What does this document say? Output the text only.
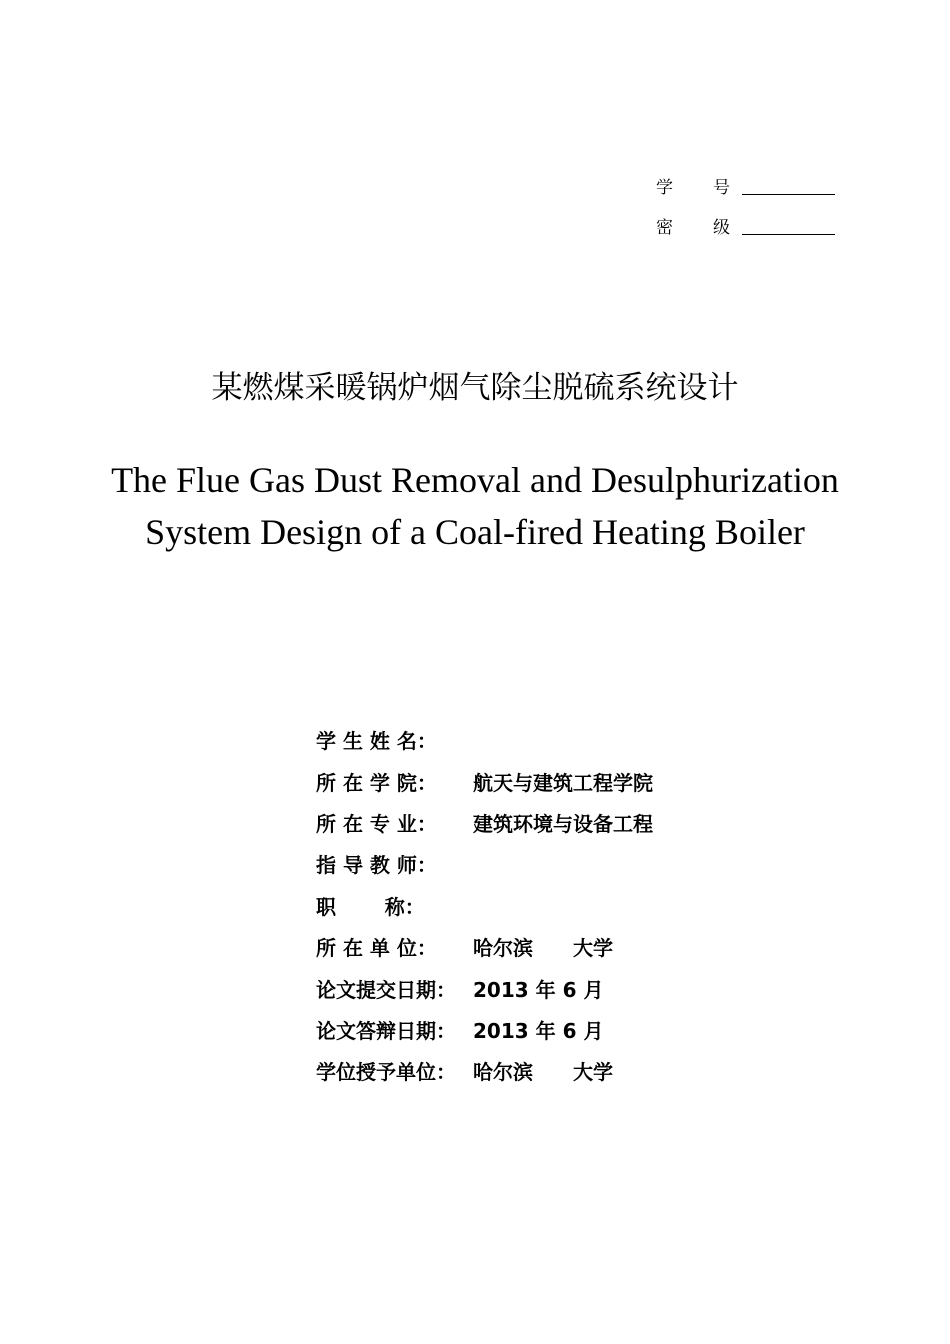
学	号
密	级
某燃煤采暖锅炉烟气除尘脱硫系统设计
The Flue Gas Dust Removal and Desulphurization
System Design of a Coal-fired Heating Boiler
学 生 姓 名：
所 在 学 院：	航天与建筑工程学院
所 在 专 业：	建筑环境与设备工程
指 导 教 师：
职       称：
所 在 单 位：	哈尔滨　　大学
论文提交日期： 2013 年 6 月
论文答辩日期： 2013 年 6 月
学位授予单位： 哈尔滨　　大学
